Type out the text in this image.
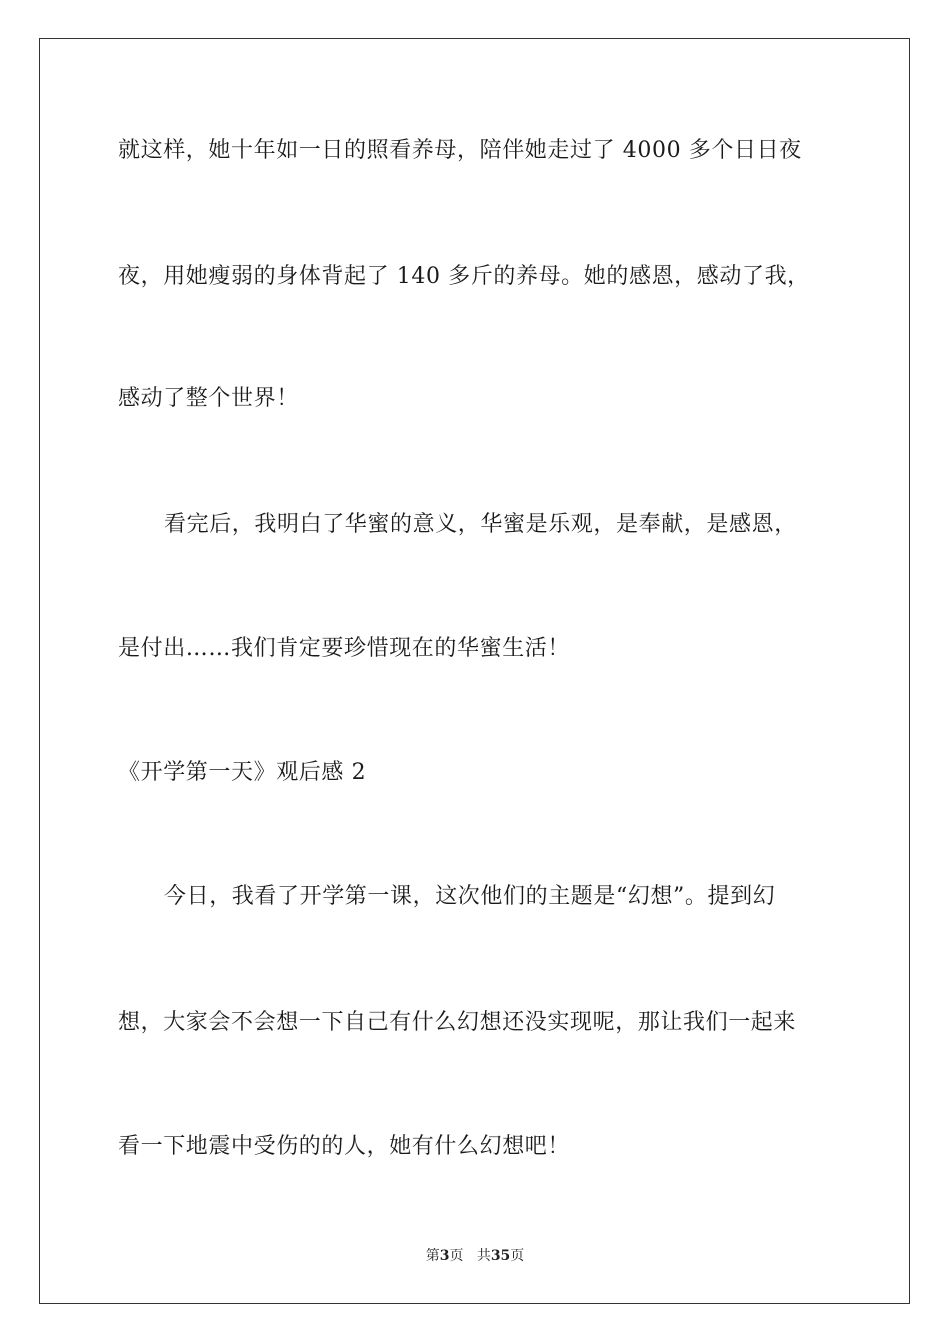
就这样，她十年如一日的照看养母，陪伴她走过了 4000 多个日日夜
夜，用她瘦弱的身体背起了 140 多斤的养母。她的感恩，感动了我，
感动了整个世界！
看完后，我明白了华蜜的意义，华蜜是乐观，是奉献，是感恩，
是付出……我们肯定要珍惜现在的华蜜生活！
《开学第一天》观后感 2
今日，我看了开学第一课，这次他们的主题是“幻想”。提到幻
想，大家会不会想一下自己有什么幻想还没实现呢，那让我们一起来
看一下地震中受伤的的人，她有什么幻想吧！
第3页 共35页
